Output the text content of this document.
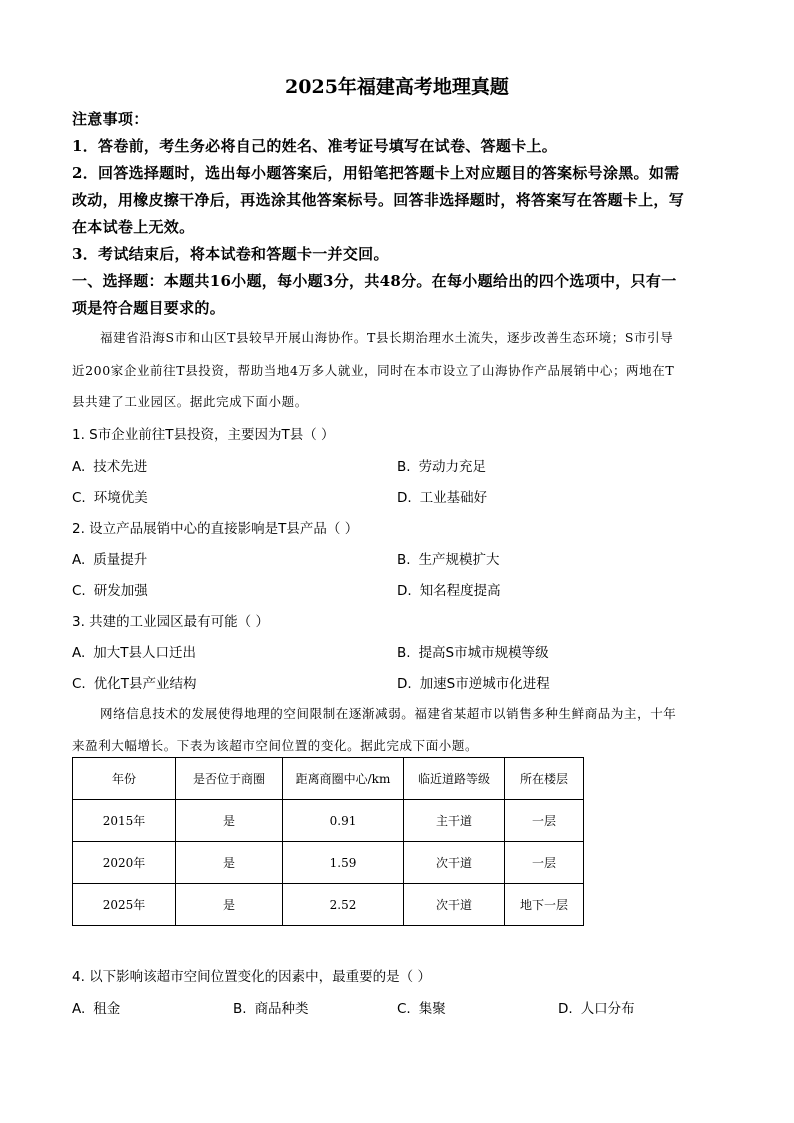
2025年福建高考地理真题
注意事项：
1．答卷前，考生务必将自己的姓名、准考证号填写在试卷、答题卡上。
2．回答选择题时，选出每小题答案后，用铅笔把答题卡上对应题目的答案标号涂黑。如需
改动，用橡皮擦干净后，再选涂其他答案标号。回答非选择题时，将答案写在答题卡上，写
在本试卷上无效。
3．考试结束后，将本试卷和答题卡一并交回。
一、选择题：本题共16小题，每小题3分，共48分。在每小题给出的四个选项中，只有一
项是符合题目要求的。
福建省沿海S市和山区T县较早开展山海协作。T县长期治理水土流失，逐步改善生态环境；S市引导
近200家企业前往T县投资，帮助当地4万多人就业，同时在本市设立了山海协作产品展销中心；两地在T
县共建了工业园区。据此完成下面小题。
1. S市企业前往T县投资，主要因为T县（ ）
A. 技术先进	B. 劳动力充足
C. 环境优美	D. 工业基础好
2. 设立产品展销中心的直接影响是T县产品（ ）
A. 质量提升	B. 生产规模扩大
C. 研发加强	D. 知名程度提高
3. 共建的工业园区最有可能（ ）
A. 加大T县人口迁出	B. 提高S市城市规模等级
C. 优化T县产业结构	D. 加速S市逆城市化进程
网络信息技术的发展使得地理的空间限制在逐渐减弱。福建省某超市以销售多种生鲜商品为主，十年
来盈利大幅增长。下表为该超市空间位置的变化。据此完成下面小题。
年份	是否位于商圈	距离商圈中心/km	临近道路等级	所在楼层
2015年	是	0.91	主干道	一层
2020年	是	1.59	次干道	一层
2025年	是	2.52	次干道	地下一层
4. 以下影响该超市空间位置变化的因素中，最重要的是（ ）
A. 租金	B. 商品种类	C. 集聚	D. 人口分布
